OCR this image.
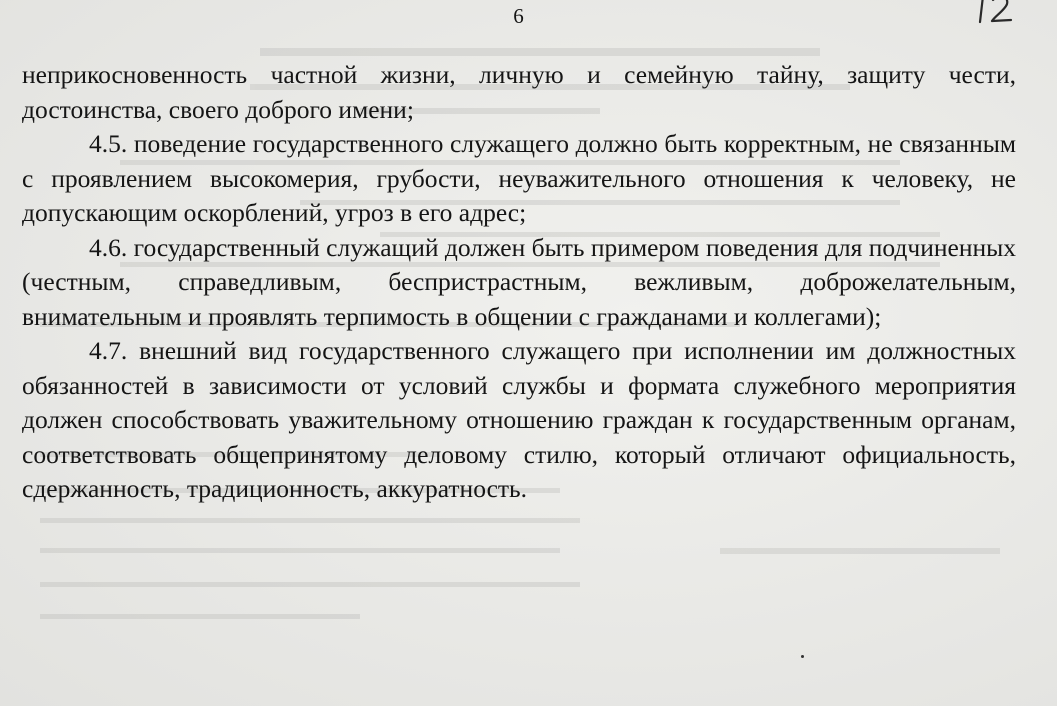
6

неприкосновенность частной жизни, личную и семейную тайну, защиту чести, достоинства, своего доброго имени;

4.5. поведение государственного служащего должно быть корректным, не связанным с проявлением высокомерия, грубости, неуважительного отношения к человеку, не допускающим оскорблений, угроз в его адрес;

4.6. государственный служащий должен быть примером поведения для подчиненных (честным, справедливым, беспристрастным, вежливым, доброжелательным, внимательным и проявлять терпимость в общении с гражданами и коллегами);

4.7. внешний вид государственного служащего при исполнении им должностных обязанностей в зависимости от условий службы и формата служебного мероприятия должен способствовать уважительному отношению граждан к государственным органам, соответствовать общепринятому деловому стилю, который отличают официальность, сдержанность, традиционность, аккуратность.
